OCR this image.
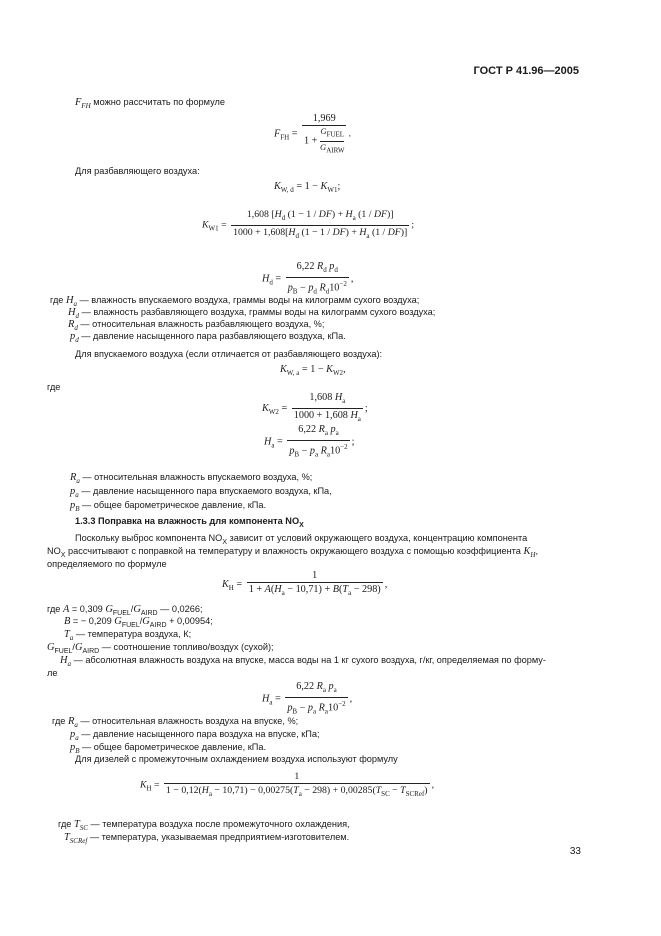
ГОСТ Р 41.96—2005
$F_{FH}$ можно рассчитать по формуле
$F_{FH} = 1,969$
1 +
$G_{FUEL}$
$G_{AIRW}$ .
Для разбавляющего воздуха:
$K_{W, d} = 1 - K_{W1}$;
$K_{W1} = \frac{1,608 [H_d (1 - 1 / DF) + H_a (1 / DF)]}{1000 + 1,608[H_d (1 - 1 / DF) + H_a (1 / DF)]}$ ;
$H_d = \frac{6,22 R_d p_d}{p_B - p_d R_d10^{-2}}$ ,
где $H_a$ — влажность впускаемого воздуха, граммы воды на килограмм сухого воздуха;
$H_d$ — влажность разбавляющего воздуха, граммы воды на килограмм сухого воздуха;
$R_d$ — относительная влажность разбавляющего воздуха, %;
$p_d$ — давление насыщенного пара разбавляющего воздуха, кПа.
Для впускаемого воздуха (если отличается от разбавляющего воздуха):
$K_{W, a} = 1 - K_{W2}$,
где
$K_{W2} = \frac{1,608 H_a}{1000 + 1,608 H_a}$ ;
$H_a = \frac{6,22 R_a p_a}{p_B - p_a R_a10^{-2}}$ ;
$R_a$ — относительная влажность впускаемого воздуха, %;
$p_a$ — давление насыщенного пара впускаемого воздуха, кПа,
$p_B$ — общее барометрическое давление, кПа.
1.3.3 Поправка на влажность для компонента $NO_X$
Поскольку выброс компонента $NO_X$ зависит от условий окружающего воздуха, концентрацию компонента
$NO_X$ рассчитывают с поправкой на температуру и влажность окружающего воздуха с помощью коэффициента $K_H$,
определяемого по формуле
$K_H = \frac{1}{1 + A(H_a - 10,71) + B(T_a - 298)}$ ,
где A = 0,309 $G_{FUEL}/G_{AIRD}$ — 0,0266;
B = − 0,209 $G_{FUEL}/G_{AIRD} + 0,00954$;
$T_a$ — температура воздуха, К;
$G_{FUEL}/G_{AIRD}$ — соотношение топливо/воздух (сухой);
$H_a$ — абсолютная влажность воздуха на впуске, масса воды на 1 кг сухого воздуха, г/кг, определяемая по форму-
ле
$H_a = \frac{6,22 R_a p_a}{p_B - p_a R_a10^{-2}}$ ,
где $R_a$ — относительная влажность воздуха на впуске, %;
$p_a$ — давление насыщенного пара воздуха на впуске, кПа;
$p_B$ — общее барометрическое давление, кПа.
Для дизелей с промежуточным охлаждением воздуха используют формулу
$K_H$ =
1
$1 - 0,12(H_a - 10,71) - 0,00275(T_a - 298) + 0,00285(T_{SC} - T_{SCRef})$ ,
где $T_{SC}$ — температура воздуха после промежуточного охлаждения,
$T_{SCRef}$ — температура, указываемая предприятием-изготовителем.
33
